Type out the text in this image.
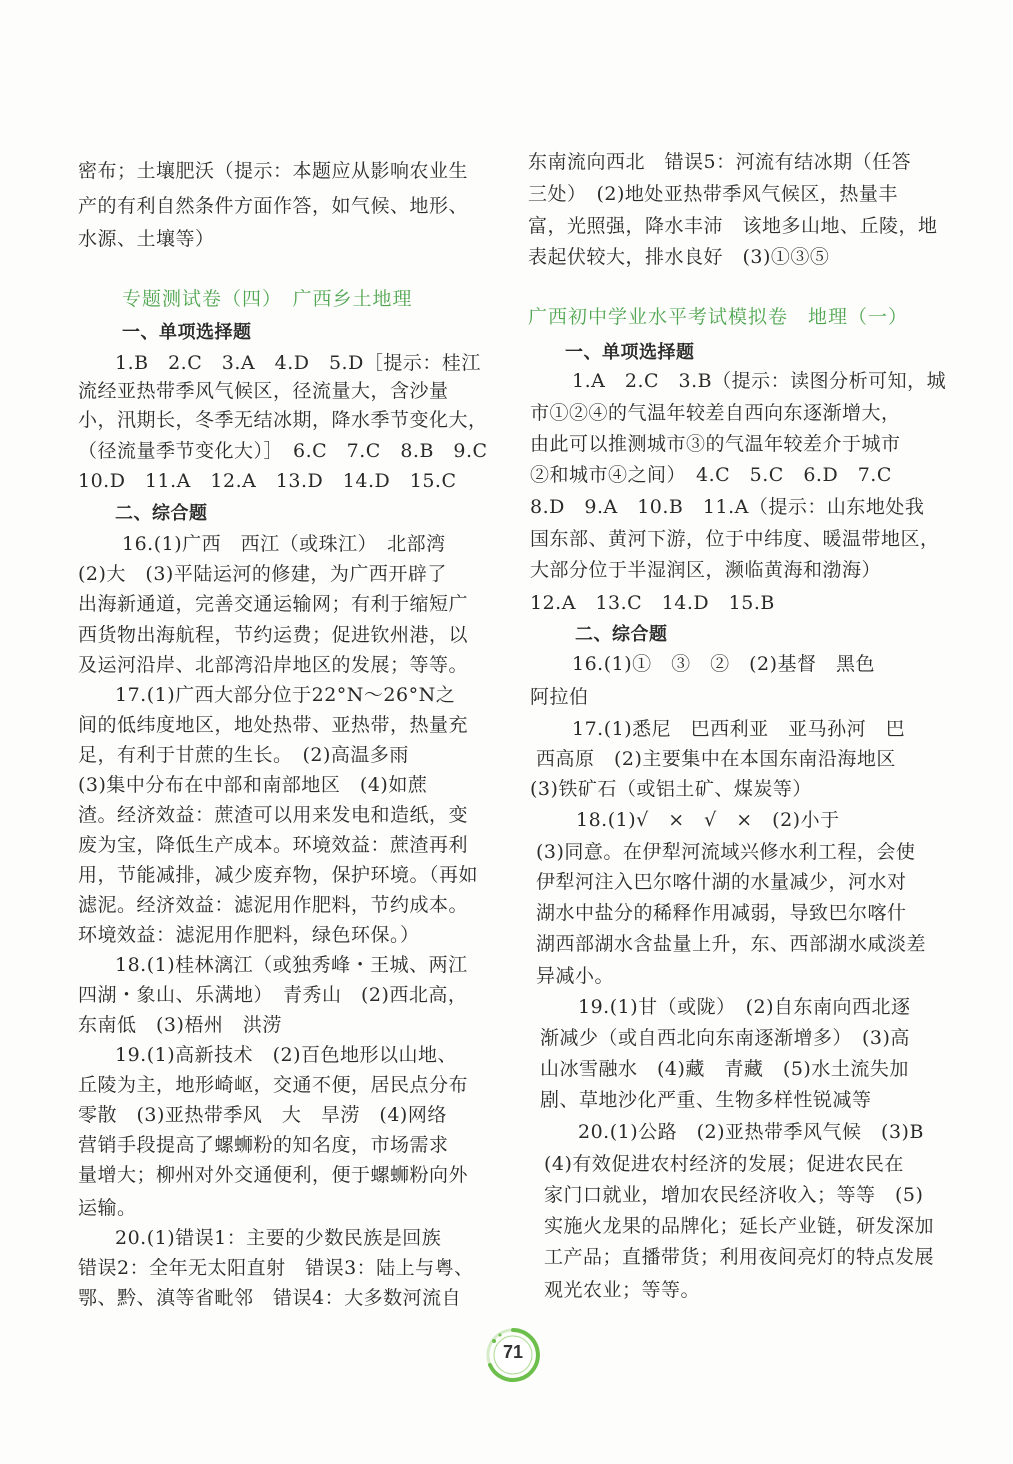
密布；土壤肥沃（提示：本题应从影响农业生
产的有利自然条件方面作答，如气候、地形、
水源、土壤等）
专题测试卷（四）　广西乡土地理
一、单项选择题
1.B　2.C　3.A　4.D　5.D［提示：桂江
流经亚热带季风气候区，径流量大，含沙量
小，汛期长，冬季无结冰期，降水季节变化大，
（径流量季节变化大）］　6.C　7.C　8.B　9.C
10.D　11.A　12.A　13.D　14.D　15.C
二、综合题
16.(1)广西　西江（或珠江）　北部湾
(2)大　(3)平陆运河的修建，为广西开辟了
出海新通道，完善交通运输网；有利于缩短广
西货物出海航程，节约运费；促进钦州港，以
及运河沿岸、北部湾沿岸地区的发展；等等。
17.(1)广西大部分位于22°N～26°N之
间的低纬度地区，地处热带、亚热带，热量充
足，有利于甘蔗的生长。　(2)高温多雨
(3)集中分布在中部和南部地区　(4)如蔗
渣。经济效益：蔗渣可以用来发电和造纸，变
废为宝，降低生产成本。环境效益：蔗渣再利
用，节能减排，减少废弃物，保护环境。（再如
滤泥。经济效益：滤泥用作肥料，节约成本。
环境效益：滤泥用作肥料，绿色环保。）
18.(1)桂林漓江（或独秀峰・王城、两江
四湖・象山、乐满地）　青秀山　(2)西北高，
东南低　(3)梧州　洪涝
19.(1)高新技术　(2)百色地形以山地、
丘陵为主，地形崎岖，交通不便，居民点分布
零散　(3)亚热带季风　大　旱涝　(4)网络
营销手段提高了螺蛳粉的知名度，市场需求
量增大；柳州对外交通便利，便于螺蛳粉向外
运输。
20.(1)错误1：主要的少数民族是回族
错误2：全年无太阳直射　错误3：陆上与粤、
鄂、黔、滇等省毗邻　错误4：大多数河流自
东南流向西北　错误5：河流有结冰期（任答
三处）　(2)地处亚热带季风气候区，热量丰
富，光照强，降水丰沛　该地多山地、丘陵，地
表起伏较大，排水良好　(3)①③⑤
广西初中学业水平考试模拟卷　地理（一）
一、单项选择题
1.A　2.C　3.B（提示：读图分析可知，城
市①②④的气温年较差自西向东逐渐增大，
由此可以推测城市③的气温年较差介于城市
②和城市④之间）　4.C　5.C　6.D　7.C
8.D　9.A　10.B　11.A（提示：山东地处我
国东部、黄河下游，位于中纬度、暖温带地区，
大部分位于半湿润区，濒临黄海和渤海）
12.A　13.C　14.D　15.B
二、综合题
16.(1)①　③　②　(2)基督　黑色
阿拉伯
17.(1)悉尼　巴西利亚　亚马孙河　巴
西高原　(2)主要集中在本国东南沿海地区
(3)铁矿石（或铝土矿、煤炭等）
18.(1)√　×　√　×　(2)小于
(3)同意。在伊犁河流域兴修水利工程，会使
伊犁河注入巴尔喀什湖的水量减少，河水对
湖水中盐分的稀释作用减弱，导致巴尔喀什
湖西部湖水含盐量上升，东、西部湖水咸淡差
异减小。
19.(1)甘（或陇）　(2)自东南向西北逐
渐减少（或自西北向东南逐渐增多）　(3)高
山冰雪融水　(4)藏　青藏　(5)水土流失加
剧、草地沙化严重、生物多样性锐减等
20.(1)公路　(2)亚热带季风气候　(3)B
(4)有效促进农村经济的发展；促进农民在
家门口就业，增加农民经济收入；等等　(5)
实施火龙果的品牌化；延长产业链，研发深加
工产品；直播带货；利用夜间亮灯的特点发展
观光农业；等等。
71
